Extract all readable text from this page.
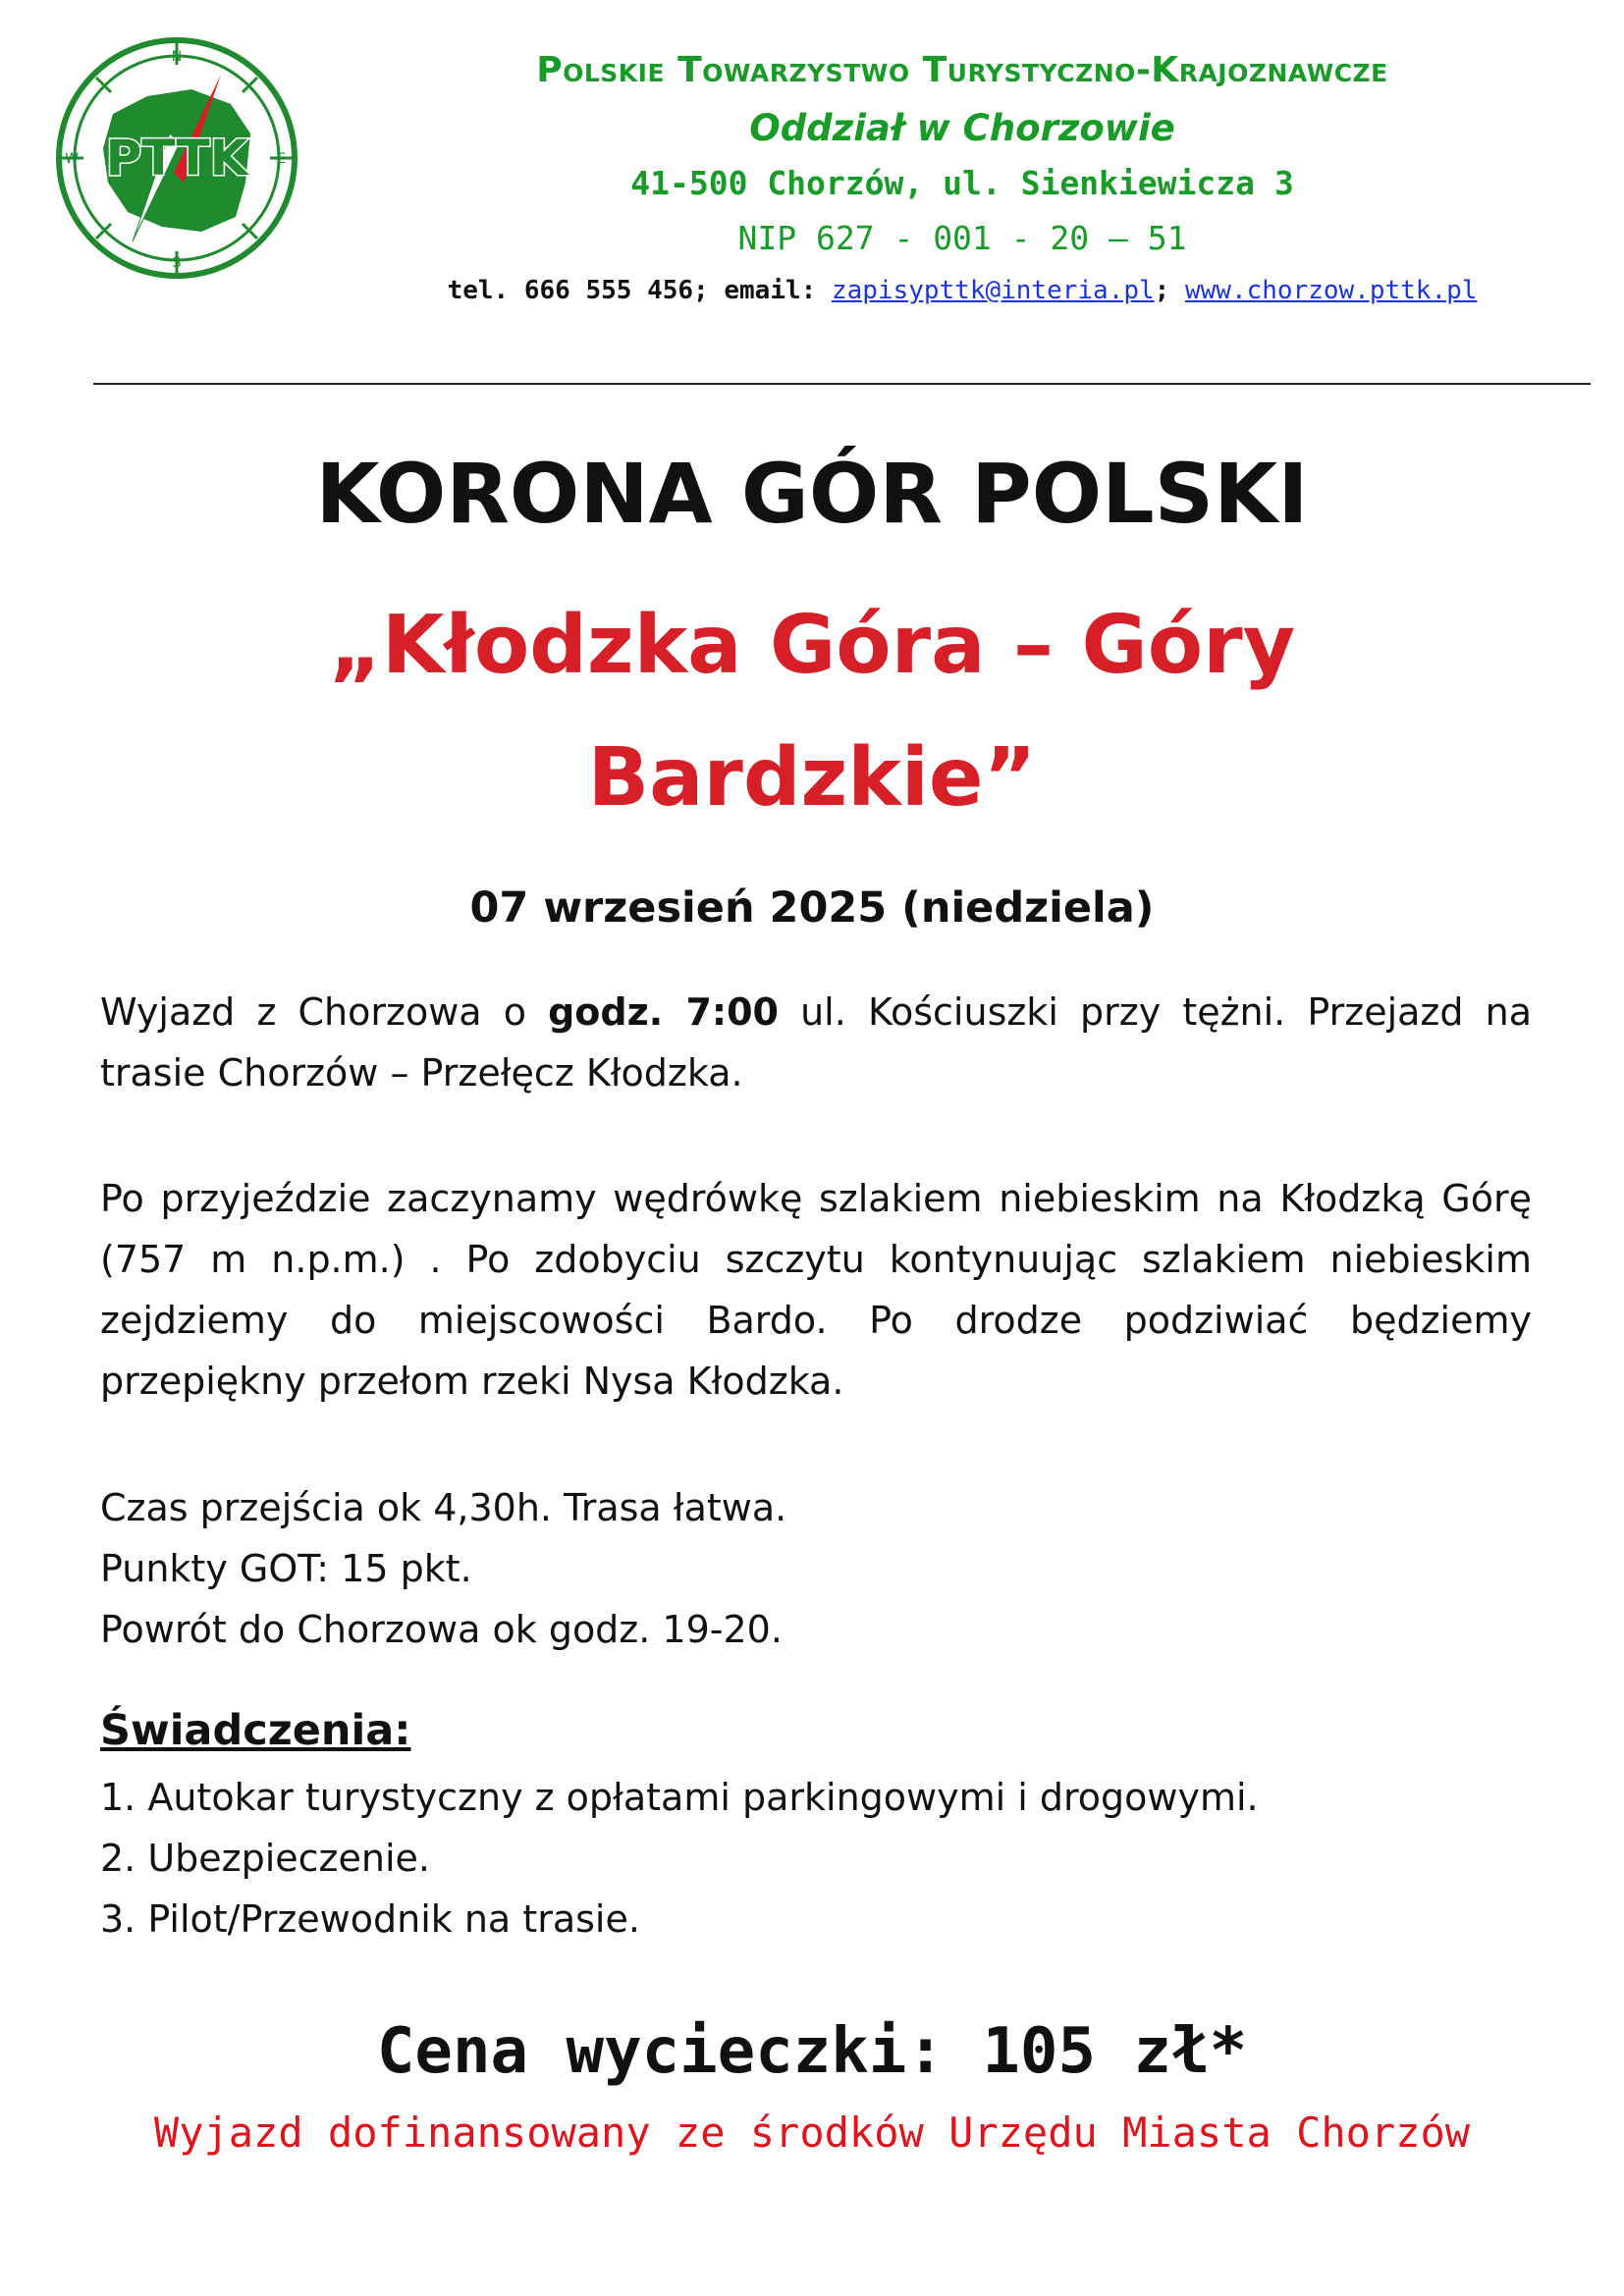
PTTK
N
S
E
W
Polskie Towarzystwo Turystyczno-Krajoznawcze
Oddział w Chorzowie
41-500 Chorzów, ul. Sienkiewicza 3
NIP 627 - 001 - 20 – 51
tel. 666 555 456; email: zapisypttk@interia.pl; www.chorzow.pttk.pl
KORONA GÓR POLSKI
„Kłodzka Góra – Góry
Bardzkie”
07 wrzesień 2025 (niedziela)

Wyjazd z Chorzowa o godz. 7:00 ul. Kościuszki przy tężni. Przejazd na trasie Chorzów – Przełęcz Kłodzka.

Po przyjeździe zaczynamy wędrówkę szlakiem niebieskim na Kłodzką Górę (757 m n.p.m.) . Po zdobyciu szczytu kontynuując szlakiem niebieskim zejdziemy do miejscowości Bardo. Po drodze podziwiać będziemy przepiękny przełom rzeki Nysa Kłodzka.

Czas przejścia ok 4,30h. Trasa łatwa.
Punkty GOT: 15 pkt.
Powrót do Chorzowa ok godz. 19-20.
Świadczenia:
1. Autokar turystyczny z opłatami parkingowymi i drogowymi.
2. Ubezpieczenie.
3. Pilot/Przewodnik na trasie.
Cena wycieczki: 105 zł*
Wyjazd dofinansowany ze środków Urzędu Miasta Chorzów
